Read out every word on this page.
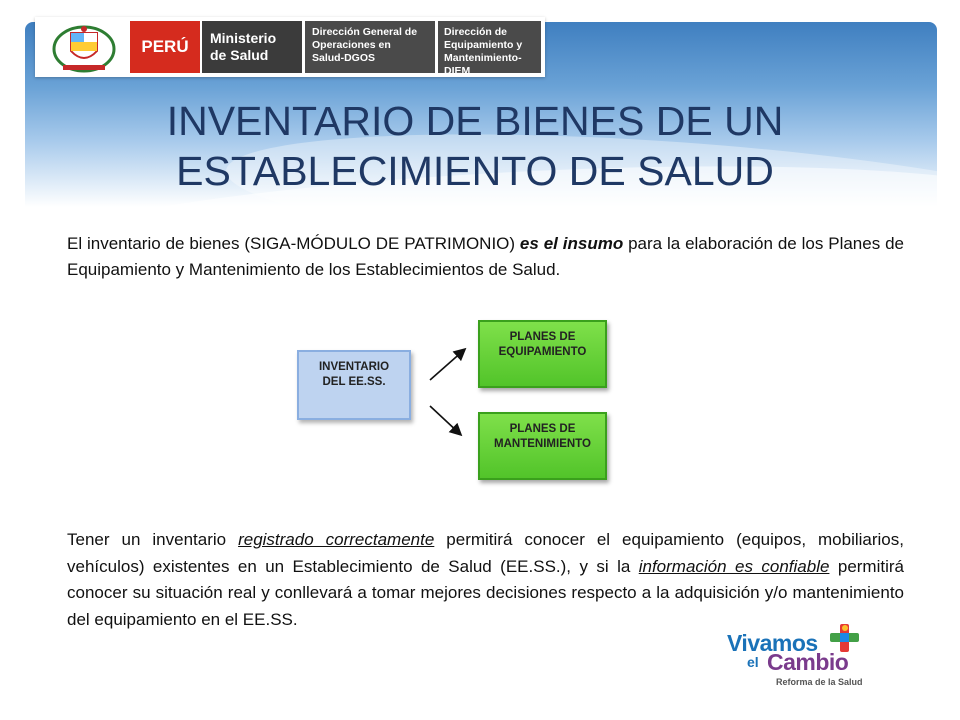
PERÚ	Ministerio
de Salud
Dirección General de
Operaciones en
Salud-DGOS
Dirección de
Equipamiento y
Mantenimiento-DIEM
INVENTARIO DE BIENES DE UN
ESTABLECIMIENTO DE SALUD

El inventario de bienes (SIGA-MÓDULO DE PATRIMONIO) es el insumo para la elaboración de los Planes de Equipamiento y Mantenimiento de los Establecimientos de Salud.

INVENTARIO
DEL EE.SS.
PLANES DE
EQUIPAMIENTO
PLANES DE
MANTENIMIENTO

Tener un inventario registrado correctamente permitirá conocer el equipamiento (equipos, mobiliarios, vehículos) existentes en un Establecimiento de Salud (EE.SS.), y si la información es confiable permitirá conocer su situación real y conllevará a tomar mejores decisiones respecto a la adquisición y/o mantenimiento del equipamiento en el EE.SS.

Vivamos
el Cambio
Reforma de la Salud
